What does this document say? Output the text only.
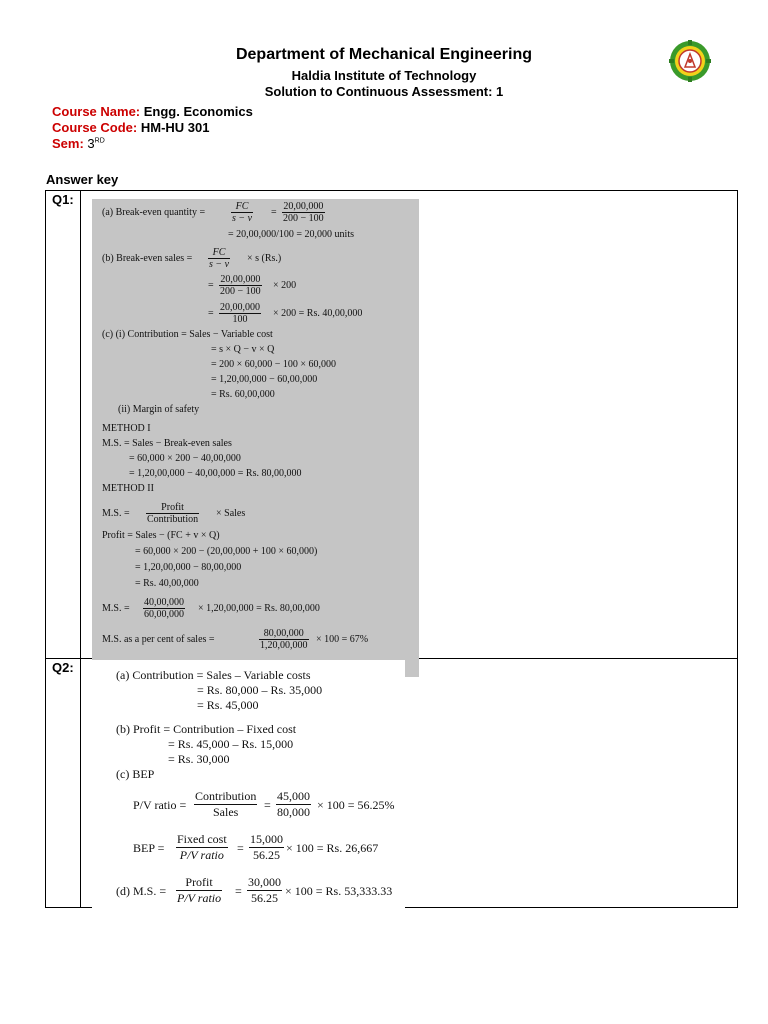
Department of Mechanical Engineering
Haldia Institute of Technology
Solution to Continuous Assessment: 1
Course Name: Engg. Economics
Course Code: HM-HU 301
Sem: 3RD
Answer key
Q1:
Q2:
(a) Break-even quantity =
FC
s − v
=
20,00,000
200 − 100
= 20,00,000/100 = 20,000 units
(b) Break-even sales =
FC
s − v
× s (Rs.)
=
20,00,000
200 − 100
× 200
=
20,00,000
100
× 200 = Rs. 40,00,000
(c) (i) Contribution = Sales − Variable cost
= s × Q − v × Q
= 200 × 60,000 − 100 × 60,000
= 1,20,00,000 − 60,00,000
= Rs. 60,00,000
(ii) Margin of safety
METHOD I
M.S. = Sales − Break-even sales
= 60,000 × 200 − 40,00,000
= 1,20,00,000 − 40,00,000 = Rs. 80,00,000
METHOD II
M.S. =
Profit
Contribution
× Sales
Profit = Sales − (FC + v × Q)
= 60,000 × 200 − (20,00,000 + 100 × 60,000)
= 1,20,00,000 − 80,00,000
= Rs. 40,00,000
M.S. =
40,00,000
60,00,000
× 1,20,00,000 = Rs. 80,00,000
M.S. as a per cent of sales =
80,00,000
1,20,00,000
× 100 = 67%
(a) Contribution = Sales – Variable costs
= Rs. 80,000 – Rs. 35,000
= Rs. 45,000
(b) Profit = Contribution – Fixed cost
= Rs. 45,000 – Rs. 15,000
= Rs. 30,000
(c) BEP
P/V ratio =
Contribution
Sales	=
45,000
80,000 × 100 = 56.25%
BEP =
Fixed cost
P/V ratio	=
15,000
56.25 × 100 = Rs. 26,667
(d) M.S. =
Profit
P/V ratio =
30,000
56.25 × 100 = Rs. 53,333.33
